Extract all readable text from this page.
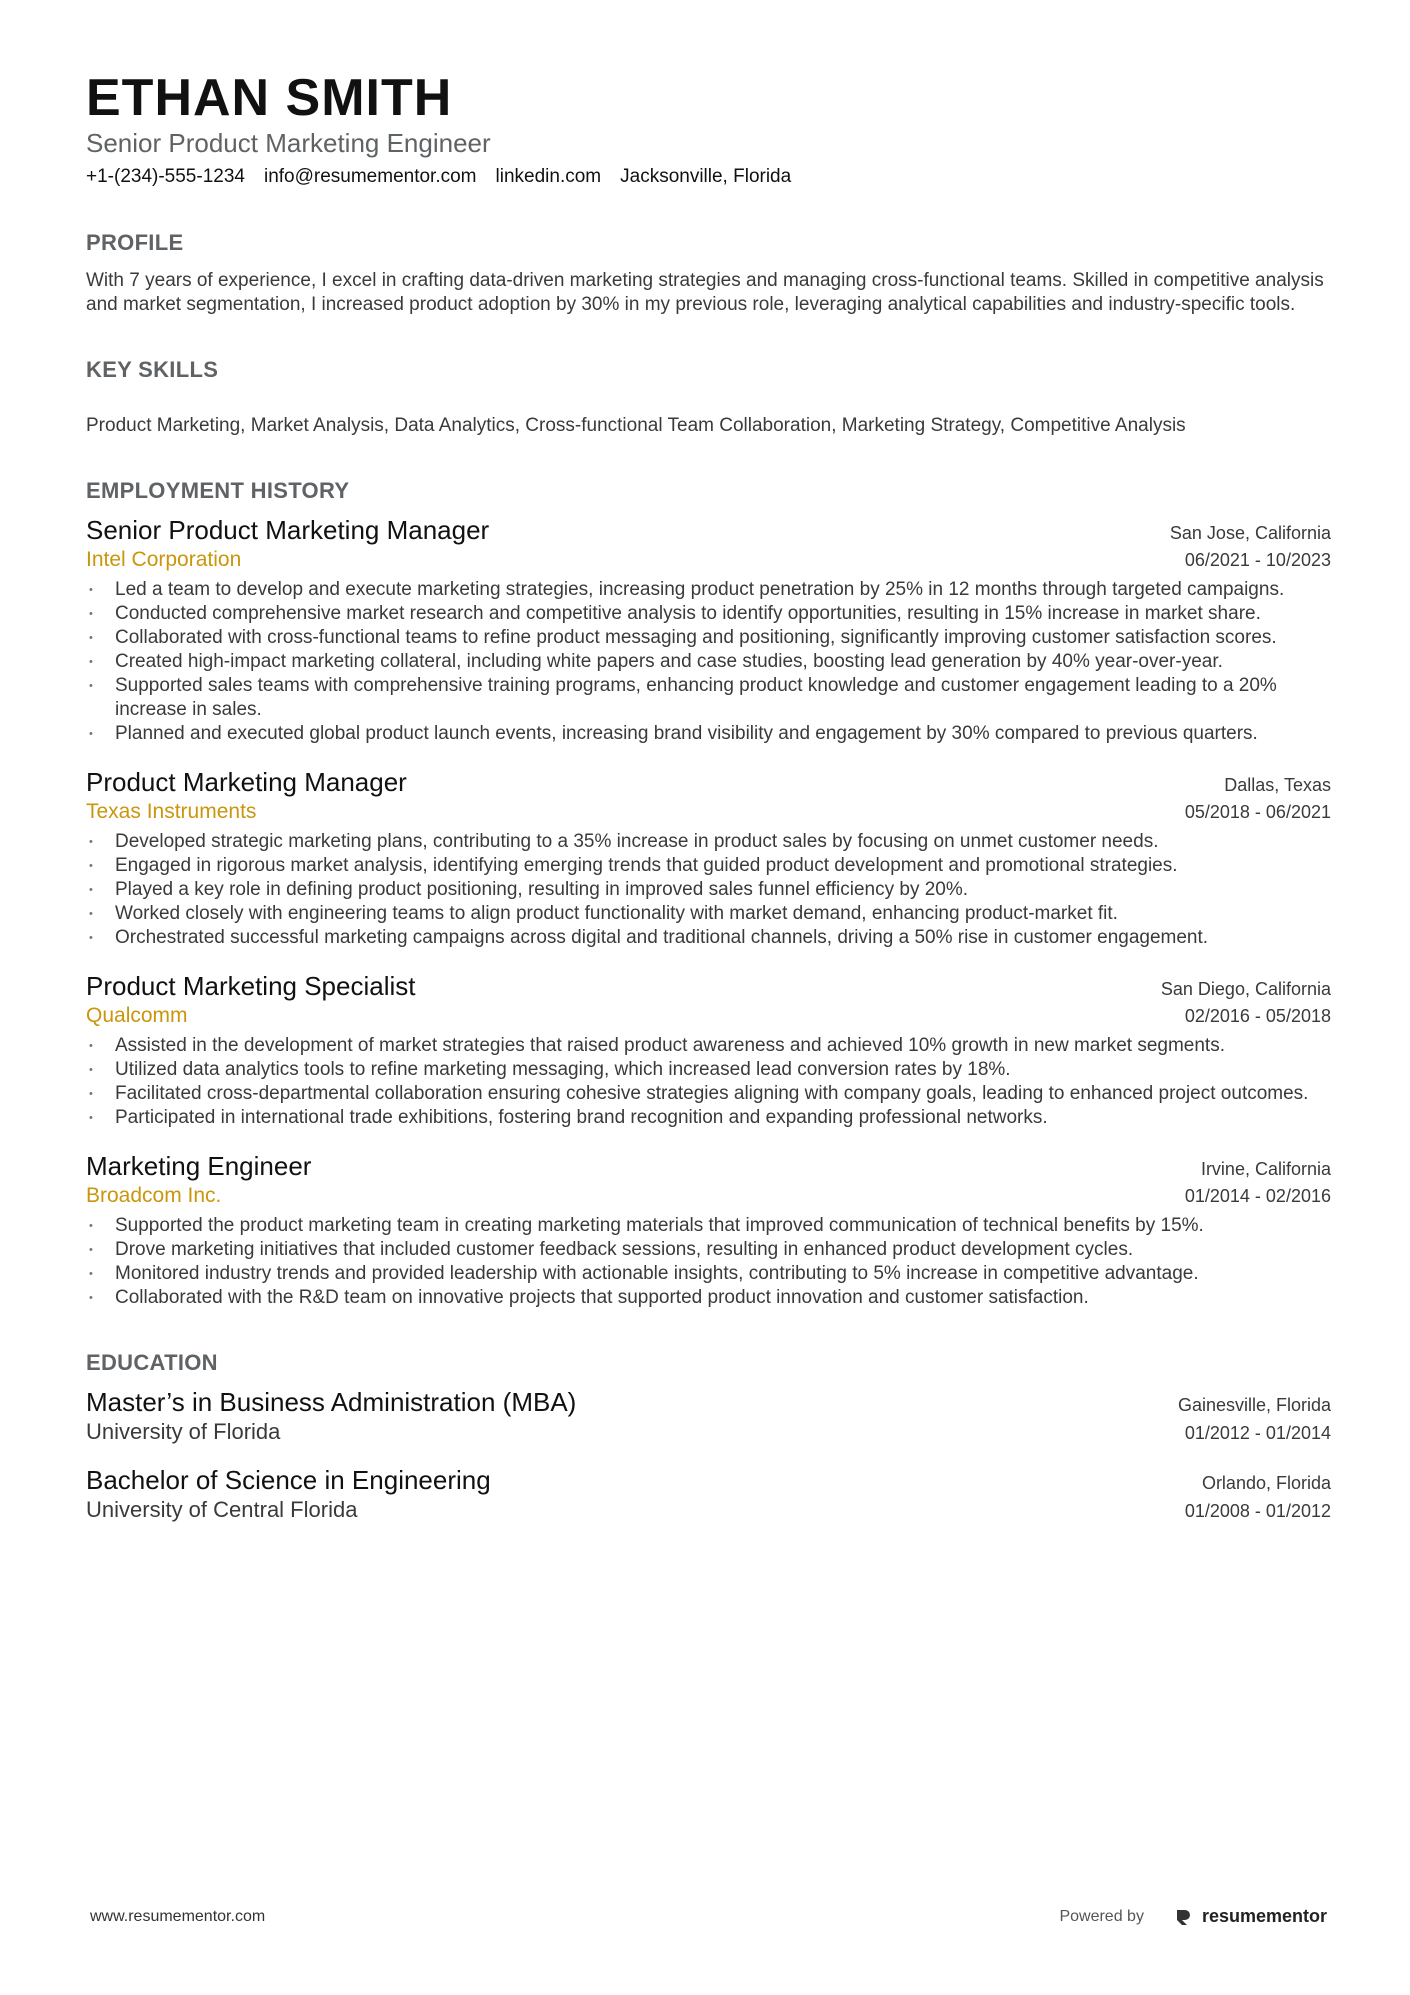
ETHAN SMITH
Senior Product Marketing Engineer
+1-(234)-555-1234 info@resumementor.com linkedin.com Jacksonville, Florida
PROFILE
With 7 years of experience, I excel in crafting data-driven marketing strategies and managing cross-functional teams. Skilled in competitive analysis and market segmentation, I increased product adoption by 30% in my previous role, leveraging analytical capabilities and industry-specific tools.
KEY SKILLS
Product Marketing, Market Analysis, Data Analytics, Cross-functional Team Collaboration, Marketing Strategy, Competitive Analysis
EMPLOYMENT HISTORY
Senior Product Marketing Manager	San Jose, California
Intel Corporation	06/2021 - 10/2023
• Led a team to develop and execute marketing strategies, increasing product penetration by 25% in 12 months through targeted campaigns.
• Conducted comprehensive market research and competitive analysis to identify opportunities, resulting in 15% increase in market share.
• Collaborated with cross-functional teams to refine product messaging and positioning, significantly improving customer satisfaction scores.
• Created high-impact marketing collateral, including white papers and case studies, boosting lead generation by 40% year-over-year.
• Supported sales teams with comprehensive training programs, enhancing product knowledge and customer engagement leading to a 20% increase in sales.
• Planned and executed global product launch events, increasing brand visibility and engagement by 30% compared to previous quarters.
Product Marketing Manager	Dallas, Texas
Texas Instruments	05/2018 - 06/2021
• Developed strategic marketing plans, contributing to a 35% increase in product sales by focusing on unmet customer needs.
• Engaged in rigorous market analysis, identifying emerging trends that guided product development and promotional strategies.
• Played a key role in defining product positioning, resulting in improved sales funnel efficiency by 20%.
• Worked closely with engineering teams to align product functionality with market demand, enhancing product-market fit.
• Orchestrated successful marketing campaigns across digital and traditional channels, driving a 50% rise in customer engagement.
Product Marketing Specialist	San Diego, California
Qualcomm	02/2016 - 05/2018
• Assisted in the development of market strategies that raised product awareness and achieved 10% growth in new market segments.
• Utilized data analytics tools to refine marketing messaging, which increased lead conversion rates by 18%.
• Facilitated cross-departmental collaboration ensuring cohesive strategies aligning with company goals, leading to enhanced project outcomes.
• Participated in international trade exhibitions, fostering brand recognition and expanding professional networks.
Marketing Engineer	Irvine, California
Broadcom Inc.	01/2014 - 02/2016
• Supported the product marketing team in creating marketing materials that improved communication of technical benefits by 15%.
• Drove marketing initiatives that included customer feedback sessions, resulting in enhanced product development cycles.
• Monitored industry trends and provided leadership with actionable insights, contributing to 5% increase in competitive advantage.
• Collaborated with the R&D team on innovative projects that supported product innovation and customer satisfaction.
EDUCATION
Master’s in Business Administration (MBA)	Gainesville, Florida
University of Florida	01/2012 - 01/2014
Bachelor of Science in Engineering	Orlando, Florida
University of Central Florida	01/2008 - 01/2012
www.resumementor.com	Powered by	resumementor
